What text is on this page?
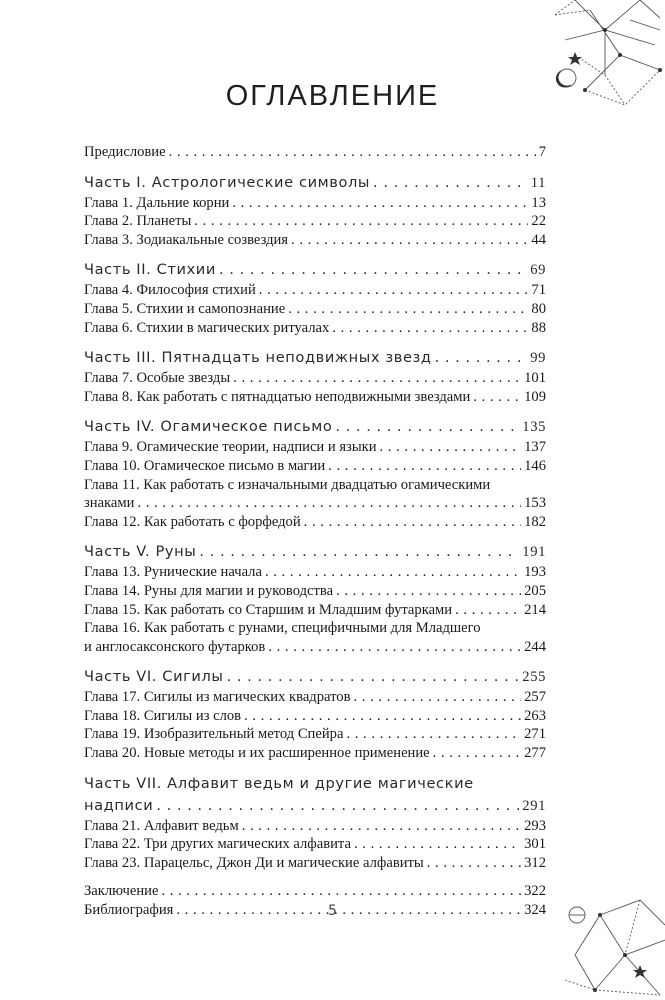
ОГЛАВЛЕНИЕ
Предисловие . . .	7
Часть I. Астрологические символы . . .	11
Глава 1. Дальние корни . . .	13
Глава 2. Планеты . . .	22
Глава 3. Зодиакальные созвездия . . .	44
Часть II. Стихии . . .	69
Глава 4. Философия стихий . . .	71
Глава 5. Стихии и самопознание . . .	80
Глава 6. Стихии в магических ритуалах . . .	88
Часть III. Пятнадцать неподвижных звезд . . .	99
Глава 7. Особые звезды . . .	101
Глава 8. Как работать с пятнадцатью неподвижными звездами . . .	109
Часть IV. Огамическое письмо . . .	135
Глава 9. Огамические теории, надписи и языки . . .	137
Глава 10. Огамическое письмо в магии . . .	146
Глава 11. Как работать с изначальными двадцатью огамическими
знаками . . .	153
Глава 12. Как работать с форфедой . . .	182
Часть V. Руны . . .	191
Глава 13. Рунические начала . . .	193
Глава 14. Руны для магии и руководства . . .	205
Глава 15. Как работать со Старшим и Младшим футарками . . .	214
Глава 16. Как работать с рунами, специфичными для Младшего
и англосаксонского футарков . . .	244
Часть VI. Сигилы . . .	255
Глава 17. Сигилы из магических квадратов . . .	257
Глава 18. Сигилы из слов . . .	263
Глава 19. Изобразительный метод Спейра . . .	271
Глава 20. Новые методы и их расширенное применение . . .	277
Часть VII. Алфавит ведьм и другие магические
надписи . . .	291
Глава 21. Алфавит ведьм . . .	293
Глава 22. Три других магических алфавита . . .	301
Глава 23. Парацельс, Джон Ди и магические алфавиты . . .	312
Заключение . . .	322
Библиография . . .	324
5
